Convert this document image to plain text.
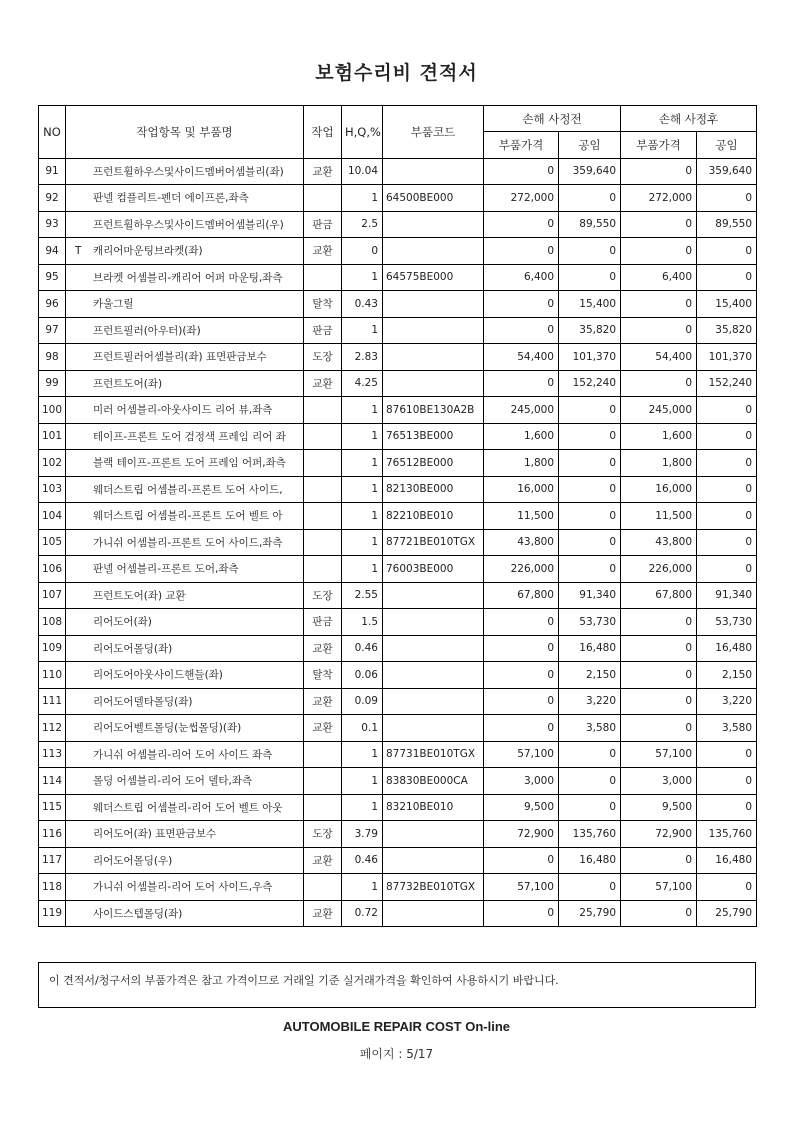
보험수리비 견적서
NO	작업항목 및 부품명	작업	H,Q,%	부품코드	손해 사정전		손해 사정후	
					부품가격	공임	부품가격	공임
91	프런트휠하우스및사이드멤버어셈블리(좌)	교환	10.04		0	359,640	0	359,640
92	판넬 컴플리트-펜더 에이프론,좌측		1	64500BE000	272,000	0	272,000	0
93	프런트휠하우스및사이드멤버어셈블리(우)	판금	2.5		0	89,550	0	89,550
94	T 캐리어마운팅브라켓(좌)	교환	0		0	0	0	0
95	브라켓 어셈블리-캐리어 어퍼 마운팅,좌측		1	64575BE000	6,400	0	6,400	0
96	카울그릴	탈착	0.43		0	15,400	0	15,400
97	프런트필러(아우터)(좌)	판금	1		0	35,820	0	35,820
98	프런트필러어셈블리(좌) 표면판금보수	도장	2.83		54,400	101,370	54,400	101,370
99	프런트도어(좌)	교환	4.25		0	152,240	0	152,240
100	미러 어셈블리-아웃사이드 리어 뷰,좌측		1	87610BE130A2B	245,000	0	245,000	0
101	테이프-프론트 도어 검정색 프레임 리어 좌		1	76513BE000	1,600	0	1,600	0
102	블랙 테이프-프론트 도어 프레임 어퍼,좌측		1	76512BE000	1,800	0	1,800	0
103	웨더스트립 어셈블리-프론트 도어 사이드,		1	82130BE000	16,000	0	16,000	0
104	웨더스트립 어셈블리-프론트 도어 벨트 아		1	82210BE010	11,500	0	11,500	0
105	가니쉬 어셈블리-프론트 도어 사이드,좌측		1	87721BE010TGX	43,800	0	43,800	0
106	판넬 어셈블리-프론트 도어,좌측		1	76003BE000	226,000	0	226,000	0
107	프런트도어(좌) 교환	도장	2.55		67,800	91,340	67,800	91,340
108	리어도어(좌)	판금	1.5		0	53,730	0	53,730
109	리어도어몰딩(좌)	교환	0.46		0	16,480	0	16,480
110	리어도어아웃사이드핸들(좌)	탈착	0.06		0	2,150	0	2,150
111	리어도어델타몰딩(좌)	교환	0.09		0	3,220	0	3,220
112	리어도어벨트몰딩(눈썹몰딩)(좌)	교환	0.1		0	3,580	0	3,580
113	가니쉬 어셈블리-리어 도어 사이드 좌측		1	87731BE010TGX	57,100	0	57,100	0
114	몰딩 어셈블리-리어 도어 델타,좌측		1	83830BE000CA	3,000	0	3,000	0
115	웨더스트립 어셈블리-리어 도어 벨트 아웃		1	83210BE010	9,500	0	9,500	0
116	리어도어(좌) 표면판금보수	도장	3.79		72,900	135,760	72,900	135,760
117	리어도어몰딩(우)	교환	0.46		0	16,480	0	16,480
118	가니쉬 어셈블리-리어 도어 사이드,우측		1	87732BE010TGX	57,100	0	57,100	0
119	사이드스텝몰딩(좌)	교환	0.72		0	25,790	0	25,790
이 견적서/청구서의 부품가격은 참고 가격이므로 거래일 기준 실거래가격을 확인하여 사용하시기 바랍니다.
AUTOMOBILE REPAIR COST On-line
페이지 : 5/17
